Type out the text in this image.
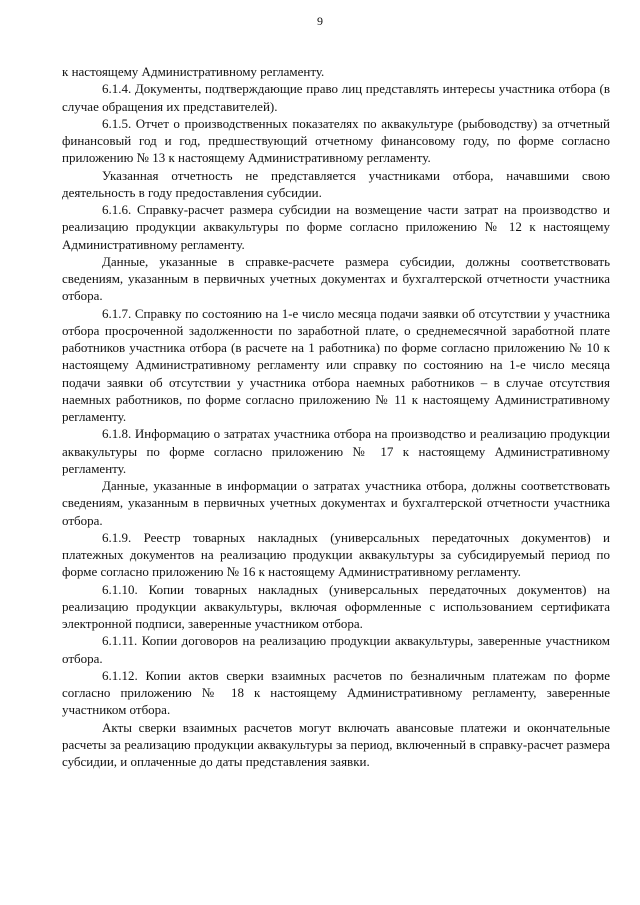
9

к настоящему Административному регламенту.

6.1.4. Документы, подтверждающие право лиц представлять интересы участника отбора (в случае обращения их представителей).

6.1.5. Отчет о производственных показателях по аквакультуре (рыбоводству) за отчетный финансовый год и год, предшествующий отчетному финансовому году, по форме согласно приложению № 13 к настоящему Административному регламенту.

Указанная отчетность не представляется участниками отбора, начавшими свою деятельность в году предоставления субсидии.

6.1.6. Справку-расчет размера субсидии на возмещение части затрат на производство и реализацию продукции аквакультуры по форме согласно приложению № 12 к настоящему Административному регламенту.

Данные, указанные в справке-расчете размера субсидии, должны соответствовать сведениям, указанным в первичных учетных документах и бухгалтерской отчетности участника отбора.

6.1.7. Справку по состоянию на 1-е число месяца подачи заявки об отсутствии у участника отбора просроченной задолженности по заработной плате, о среднемесячной заработной плате работников участника отбора (в расчете на 1 работника) по форме согласно приложению № 10 к настоящему Административному регламенту или справку по состоянию на 1-е число месяца подачи заявки об отсутствии у участника отбора наемных работников – в случае отсутствия наемных работников, по форме согласно приложению № 11 к настоящему Административному регламенту.

6.1.8. Информацию о затратах участника отбора на производство и реализацию продукции аквакультуры по форме согласно приложению № 17 к настоящему Административному регламенту.

Данные, указанные в информации о затратах участника отбора, должны соответствовать сведениям, указанным в первичных учетных документах и бухгалтерской отчетности участника отбора.

6.1.9. Реестр товарных накладных (универсальных передаточных документов) и платежных документов на реализацию продукции аквакультуры за субсидируемый период по форме согласно приложению № 16 к настоящему Административному регламенту.

6.1.10. Копии товарных накладных (универсальных передаточных документов) на реализацию продукции аквакультуры, включая оформленные с использованием сертификата электронной подписи, заверенные участником отбора.

6.1.11. Копии договоров на реализацию продукции аквакультуры, заверенные участником отбора.

6.1.12. Копии актов сверки взаимных расчетов по безналичным платежам по форме согласно приложению № 18 к настоящему Административному регламенту, заверенные участником отбора.

Акты сверки взаимных расчетов могут включать авансовые платежи и окончательные расчеты за реализацию продукции аквакультуры за период, включенный в справку-расчет размера субсидии, и оплаченные до даты представления заявки.
